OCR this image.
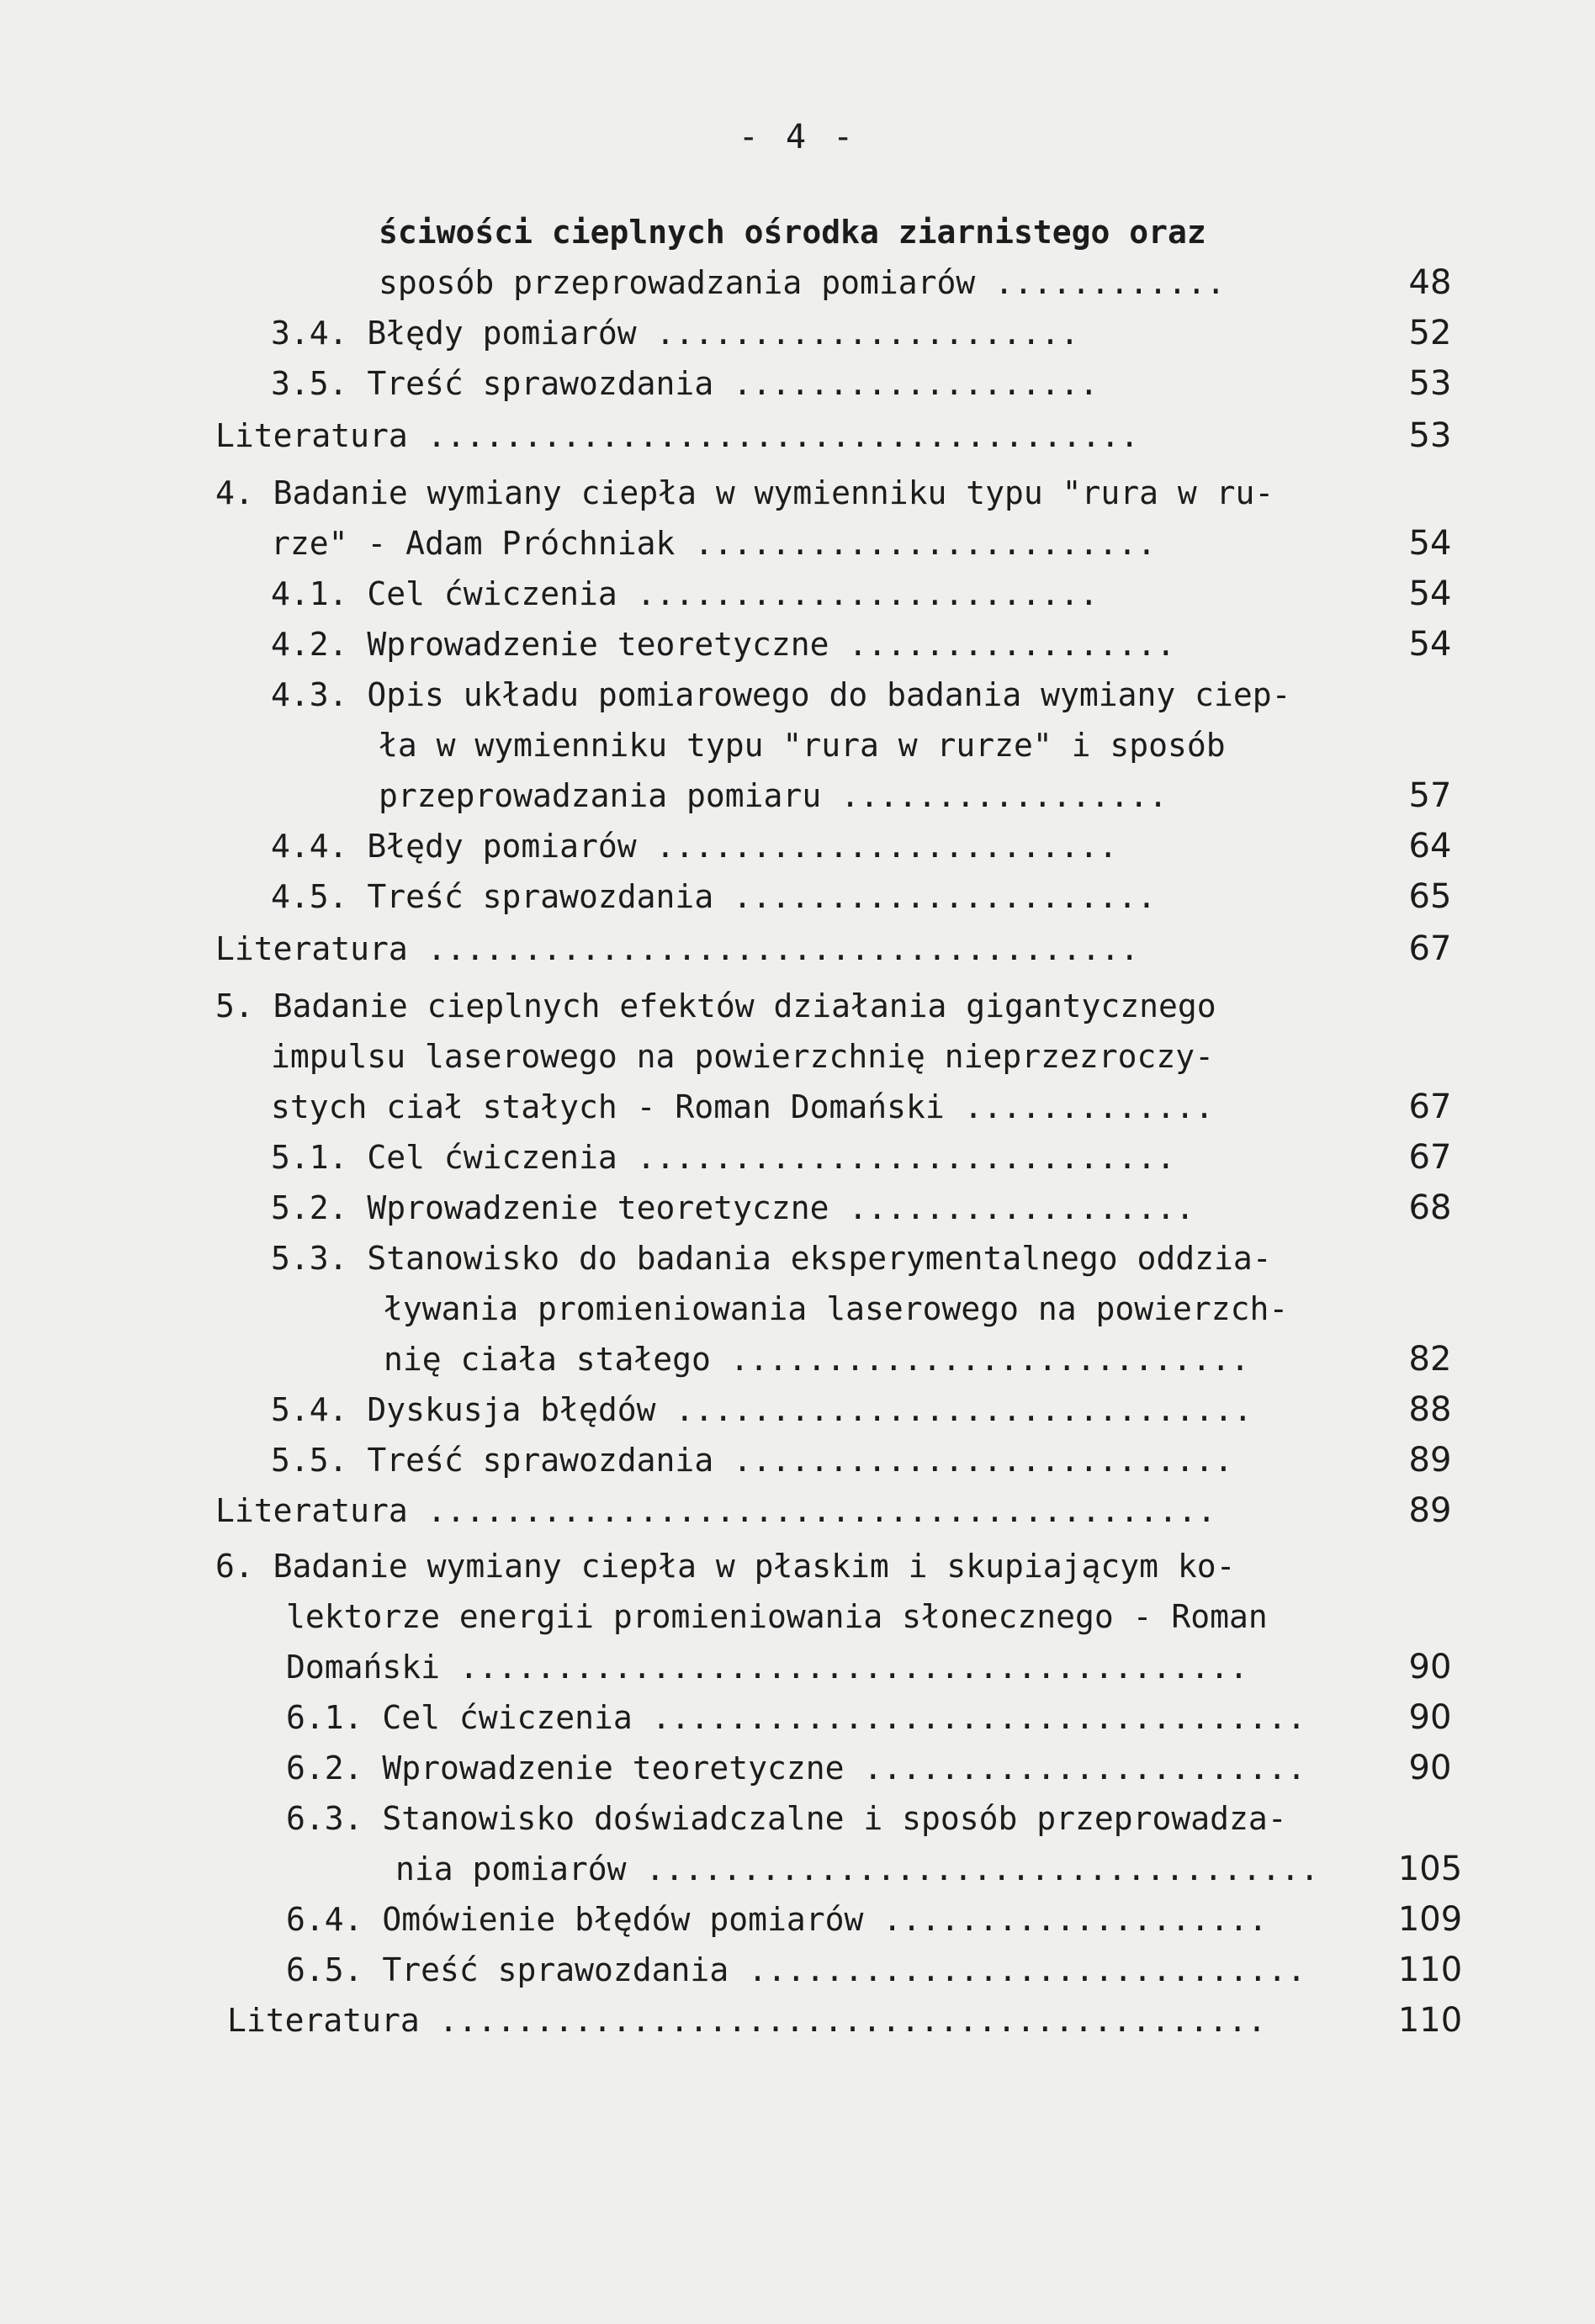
- 4 -
ściwości cieplnych ośrodka ziarnistego oraz
sposób przeprowadzania pomiarów ............	48
3.4. Błędy pomiarów ......................	52
3.5. Treść sprawozdania ...................	53
Literatura .....................................	53
4. Badanie wymiany ciepła w wymienniku typu "rura w ru-
rze" - Adam Próchniak ........................	54
4.1. Cel ćwiczenia ........................	54
4.2. Wprowadzenie teoretyczne .................	54
4.3. Opis układu pomiarowego do badania wymiany ciep-
ła w wymienniku typu "rura w rurze" i sposób
przeprowadzania pomiaru .................	57
4.4. Błędy pomiarów ........................	64
4.5. Treść sprawozdania ......................	65
Literatura .....................................	67
5. Badanie cieplnych efektów działania gigantycznego
impulsu laserowego na powierzchnię nieprzezroczy-
stych ciał stałych - Roman Domański .............	67
5.1. Cel ćwiczenia ............................	67
5.2. Wprowadzenie teoretyczne ..................	68
5.3. Stanowisko do badania eksperymentalnego oddzia-
ływania promieniowania laserowego na powierzch-
nię ciała stałego ...........................	82
5.4. Dyskusja błędów ..............................	88
5.5. Treść sprawozdania ..........................	89
Literatura .........................................	89
6. Badanie wymiany ciepła w płaskim i skupiającym ko-
lektorze energii promieniowania słonecznego - Roman
Domański .........................................	90
6.1. Cel ćwiczenia ..................................	90
6.2. Wprowadzenie teoretyczne .......................	90
6.3. Stanowisko doświadczalne i sposób przeprowadza-
nia pomiarów ...................................	105
6.4. Omówienie błędów pomiarów ....................	109
6.5. Treść sprawozdania .............................	110
Literatura ...........................................	110
